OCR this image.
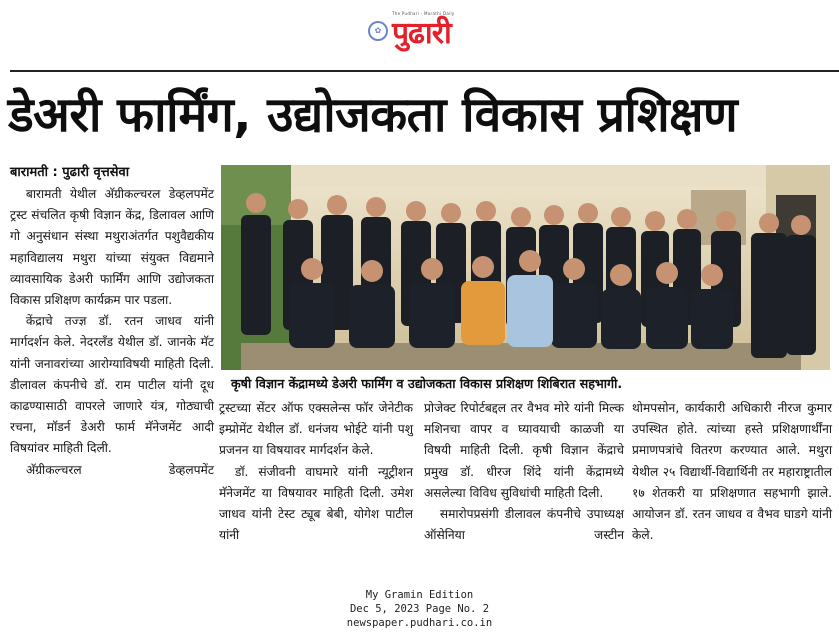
✿
The Pudhari - Marathi Daily
पुढारी
डेअरी फार्मिंग, उद्योजकता विकास प्रशिक्षण
बारामती : पुढारी वृत्तसेवा

बारामती येथील अ‍ॅग्रीकल्चरल डेव्हलपमेंट ट्रस्ट संचलित कृषी विज्ञान केंद्र, डिलावल आणि गो अनुसंधान संस्था मथुराअंतर्गत पशुवैद्यकीय महाविद्यालय मथुरा यांच्या संयुक्त विद्यमाने व्यावसायिक डेअरी फार्मिंग आणि उद्योजकता विकास प्रशिक्षण कार्यक्रम पार पडला.

केंद्राचे तज्ज्ञ डॉ. रतन जाधव यांनी मार्गदर्शन केले. नेदरलँड येथील डॉ. जानके मॅट यांनी जनावरांच्या आरोग्याविषयी माहिती दिली. डीलावल कंपनीचे डॉ. राम पाटील यांनी दूध काढण्यासाठी वापरले जाणारे यंत्र, गोठ्याची रचना, मॉडर्न डेअरी फार्म मॅनेजमेंट आदी विषयांवर माहिती दिली.

अ‍ॅग्रीकल्चरल डेव्हलपमेंट

कृषी विज्ञान केंद्रामध्ये डेअरी फार्मिंग व उद्योजकता विकास प्रशिक्षण शिबिरात सहभागी.

ट्रस्टच्या सेंटर ऑफ एक्सलेन्स फॉर जेनेटीक इम्प्रोमेंट येथील डॉ. धनंजय भोईटे यांनी पशु प्रजनन या विषयावर मार्गदर्शन केले.

डॉ. संजीवनी वाघमारे यांनी न्यूट्रीशन मॅनेजमेंट या विषयावर माहिती दिली. उमेश जाधव यांनी टेस्ट ट्यूब बेबी, योगेश पाटील यांनी

प्रोजेक्ट रिपोर्टबद्दल तर वैभव मोरे यांनी मिल्क मशिनचा वापर व घ्यावयाची काळजी या विषयी माहिती दिली. कृषी विज्ञान केंद्राचे प्रमुख डॉ. धीरज शिंदे यांनी केंद्रामध्ये असलेल्या विविध सुविधांची माहिती दिली.

समारोपप्रसंगी डीलावल कंपनीचे उपाध्यक्ष ऑसेनिया जस्टीन

थोमपसोन, कार्यकारी अधिकारी नीरज कुमार उपस्थित होते. त्यांच्या हस्ते प्रशिक्षणार्थींना प्रमाणपत्रांचे वितरण करण्यात आले. मथुरा येथील २५ विद्यार्थी-विद्यार्थिनी तर महाराष्ट्रातील १७ शेतकरी या प्रशिक्षणात सहभागी झाले. आयोजन डॉ. रतन जाधव व वैभव घाडगे यांनी केले.

My Gramin Edition
Dec 5, 2023 Page No. 2
newspaper.pudhari.co.in
